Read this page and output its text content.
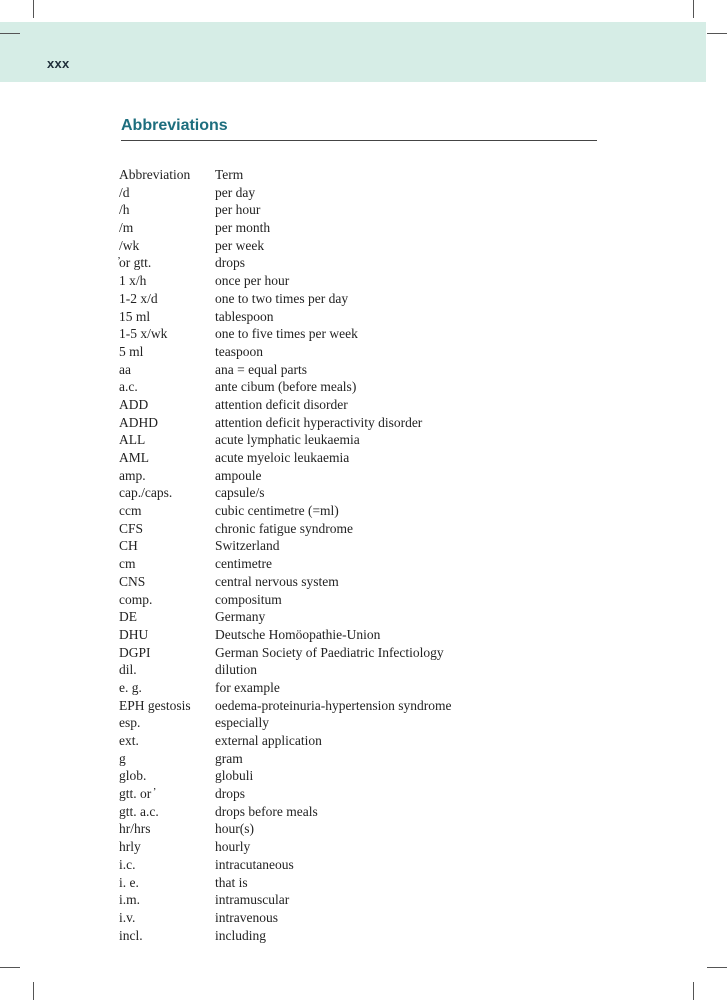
xxx
Abbreviations
Abbreviation	Term
/d	per day
/h	per hour
/m	per month
/wk	per week
̓or gtt.	drops
1 x/h	once per hour
1-2 x/d	one to two times per day
15 ml	tablespoon
1-5 x/wk	one to five times per week
5 ml	teaspoon
aa	ana = equal parts
a.c.	ante cibum (before meals)
ADD	attention deficit disorder
ADHD	attention deficit hyperactivity disorder
ALL	acute lymphatic leukaemia
AML	acute myeloic leukaemia
amp.	ampoule
cap./caps.	capsule/s
ccm	cubic centimetre (=ml)
CFS	chronic fatigue syndrome
CH	Switzerland
cm	centimetre
CNS	central nervous system
comp.	compositum
DE	Germany
DHU	Deutsche Homöopathie-Union
DGPI	German Society of Paediatric Infectiology
dil.	dilution
e. g.	for example
EPH gestosis	oedema-proteinuria-hypertension syndrome
esp.	especially
ext.	external application
g	gram
glob.	globuli
gtt. or ̓	drops
gtt. a.c.	drops before meals
hr/hrs	hour(s)
hrly	hourly
i.c.	intracutaneous
i. e.	that is
i.m.	intramuscular
i.v.	intravenous
incl.	including
